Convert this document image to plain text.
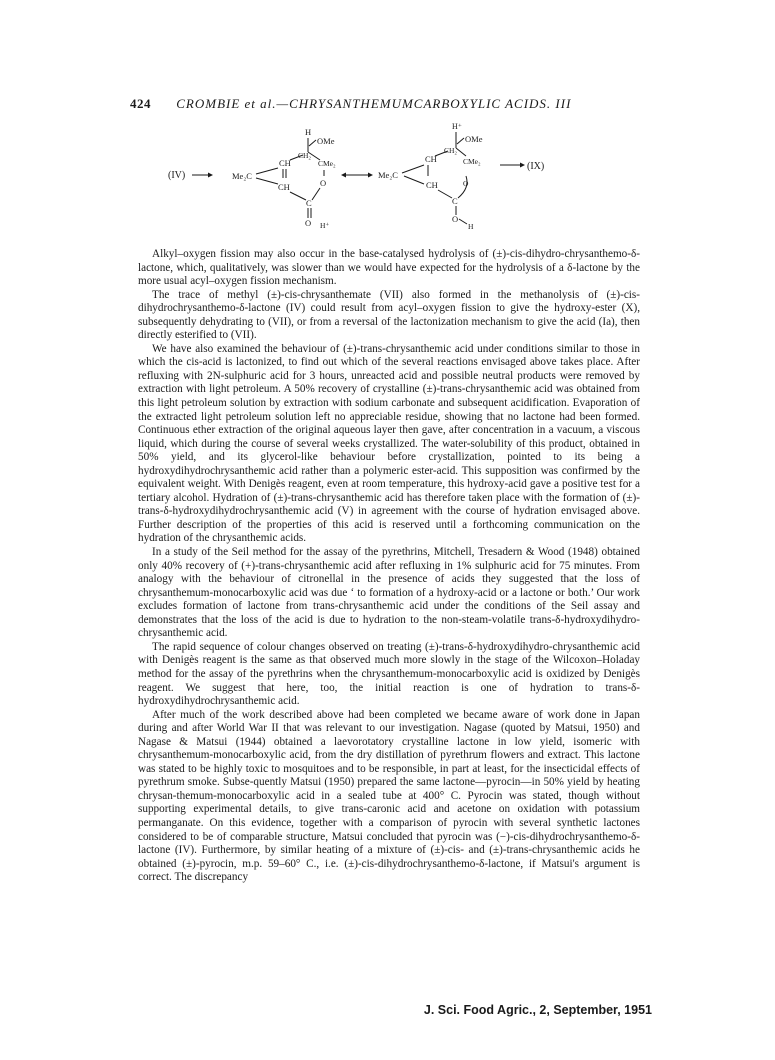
424 CROMBIE et al.—CHRYSANTHEMUMCARBOXYLIC ACIDS. III
(IV)
H
OMe
CH₂
CMe₂
CH
Me₂C
CH
C
O
O H⁺
H⁺
OMe
CH₂
CMe₂
CH
Me₂C
CH
C
O
O
H
(IX)

Alkyl–oxygen fission may also occur in the base-catalysed hydrolysis of (±)-cis-dihydro-chrysanthemo-δ-lactone, which, qualitatively, was slower than we would have expected for the hydrolysis of a δ-lactone by the more usual acyl–oxygen fission mechanism.

The trace of methyl (±)-cis-chrysanthemate (VII) also formed in the methanolysis of (±)-cis-dihydrochrysanthemo-δ-lactone (IV) could result from acyl–oxygen fission to give the hydroxy-ester (X), subsequently dehydrating to (VII), or from a reversal of the lactonization mechanism to give the acid (Ia), then directly esterified to (VII).

We have also examined the behaviour of (±)-trans-chrysanthemic acid under conditions similar to those in which the cis-acid is lactonized, to find out which of the several reactions envisaged above takes place. After refluxing with 2N-sulphuric acid for 3 hours, unreacted acid and possible neutral products were removed by extraction with light petroleum. A 50% recovery of crystalline (±)-trans-chrysanthemic acid was obtained from this light petroleum solution by extraction with sodium carbonate and subsequent acidification. Evaporation of the extracted light petroleum solution left no appreciable residue, showing that no lactone had been formed. Continuous ether extraction of the original aqueous layer then gave, after concentration in a vacuum, a viscous liquid, which during the course of several weeks crystallized. The water-solubility of this product, obtained in 50% yield, and its glycerol-like behaviour before crystallization, pointed to its being a hydroxydihydrochrysanthemic acid rather than a polymeric ester-acid. This supposition was confirmed by the equivalent weight. With Denigès reagent, even at room temperature, this hydroxy-acid gave a positive test for a tertiary alcohol. Hydration of (±)-trans-chrysanthemic acid has therefore taken place with the formation of (±)-trans-δ-hydroxydihydrochrysanthemic acid (V) in agreement with the course of hydration envisaged above. Further description of the properties of this acid is reserved until a forthcoming communication on the hydration of the chrysanthemic acids.

In a study of the Seil method for the assay of the pyrethrins, Mitchell, Tresadern & Wood (1948) obtained only 40% recovery of (+)-trans-chrysanthemic acid after refluxing in 1% sulphuric acid for 75 minutes. From analogy with the behaviour of citronellal in the presence of acids they suggested that the loss of chrysanthemum-monocarboxylic acid was due ‘ to formation of a hydroxy-acid or a lactone or both.’ Our work excludes formation of lactone from trans-chrysanthemic acid under the conditions of the Seil assay and demonstrates that the loss of the acid is due to hydration to the non-steam-volatile trans-δ-hydroxydihydro-chrysanthemic acid.

The rapid sequence of colour changes observed on treating (±)-trans-δ-hydroxydihydro-chrysanthemic acid with Denigès reagent is the same as that observed much more slowly in the stage of the Wilcoxon–Holaday method for the assay of the pyrethrins when the chrysanthemum-monocarboxylic acid is oxidized by Denigès reagent. We suggest that here, too, the initial reaction is one of hydration to trans-δ-hydroxydihydrochrysanthemic acid.

After much of the work described above had been completed we became aware of work done in Japan during and after World War II that was relevant to our investigation. Nagase (quoted by Matsui, 1950) and Nagase & Matsui (1944) obtained a laevorotatory crystalline lactone in low yield, isomeric with chrysanthemum-monocarboxylic acid, from the dry distillation of pyrethrum flowers and extract. This lactone was stated to be highly toxic to mosquitoes and to be responsible, in part at least, for the insecticidal effects of pyrethrum smoke. Subse-quently Matsui (1950) prepared the same lactone—pyrocin—in 50% yield by heating chrysan-themum-monocarboxylic acid in a sealed tube at 400° C. Pyrocin was stated, though without supporting experimental details, to give trans-caronic acid and acetone on oxidation with potassium permanganate. On this evidence, together with a comparison of pyrocin with several synthetic lactones considered to be of comparable structure, Matsui concluded that pyrocin was (−)-cis-dihydrochrysanthemo-δ-lactone (IV). Furthermore, by similar heating of a mixture of (±)-cis- and (±)-trans-chrysanthemic acids he obtained (±)-pyrocin, m.p. 59–60° C., i.e. (±)-cis-dihydrochrysanthemo-δ-lactone, if Matsui's argument is correct. The discrepancy

J. Sci. Food Agric., 2, September, 1951
